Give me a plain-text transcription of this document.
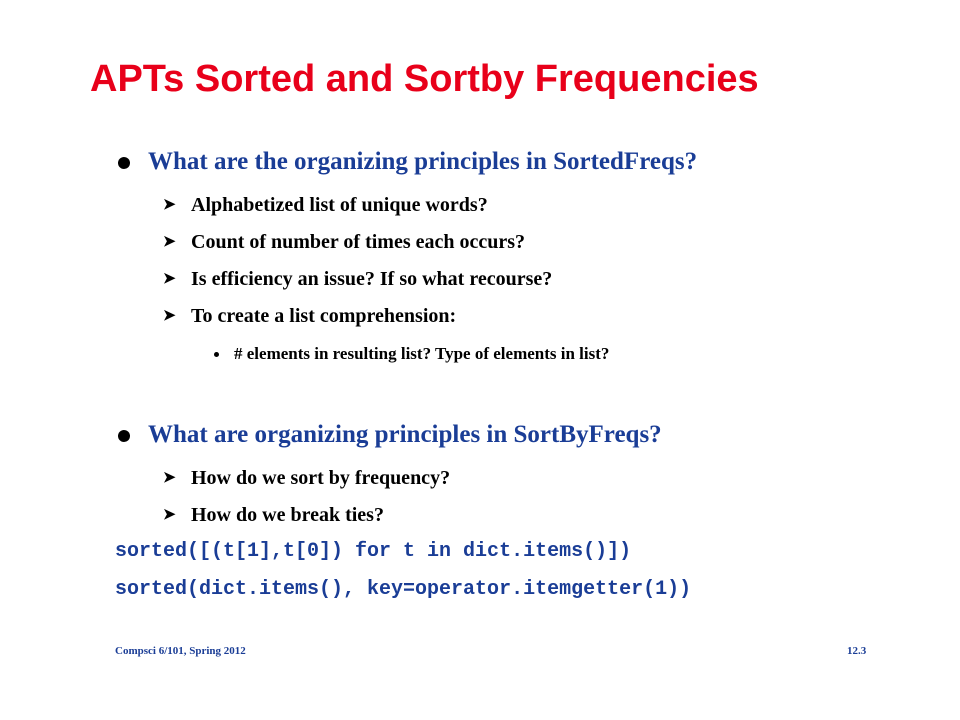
APTs Sorted and Sortby Frequencies
What are the organizing principles in SortedFreqs?
➤ Alphabetized list of unique words?
➤ Count of number of times each occurs?
➤ Is efficiency an issue? If so what recourse?
➤ To create a list comprehension:
# elements in resulting list? Type of elements in list?
What are organizing principles in SortByFreqs?
➤ How do we sort by frequency?
➤ How do we break ties?
sorted([(t[1],t[0]) for t in dict.items()])
sorted(dict.items(), key=operator.itemgetter(1))
Compsci 6/101, Spring 2012	12.3
